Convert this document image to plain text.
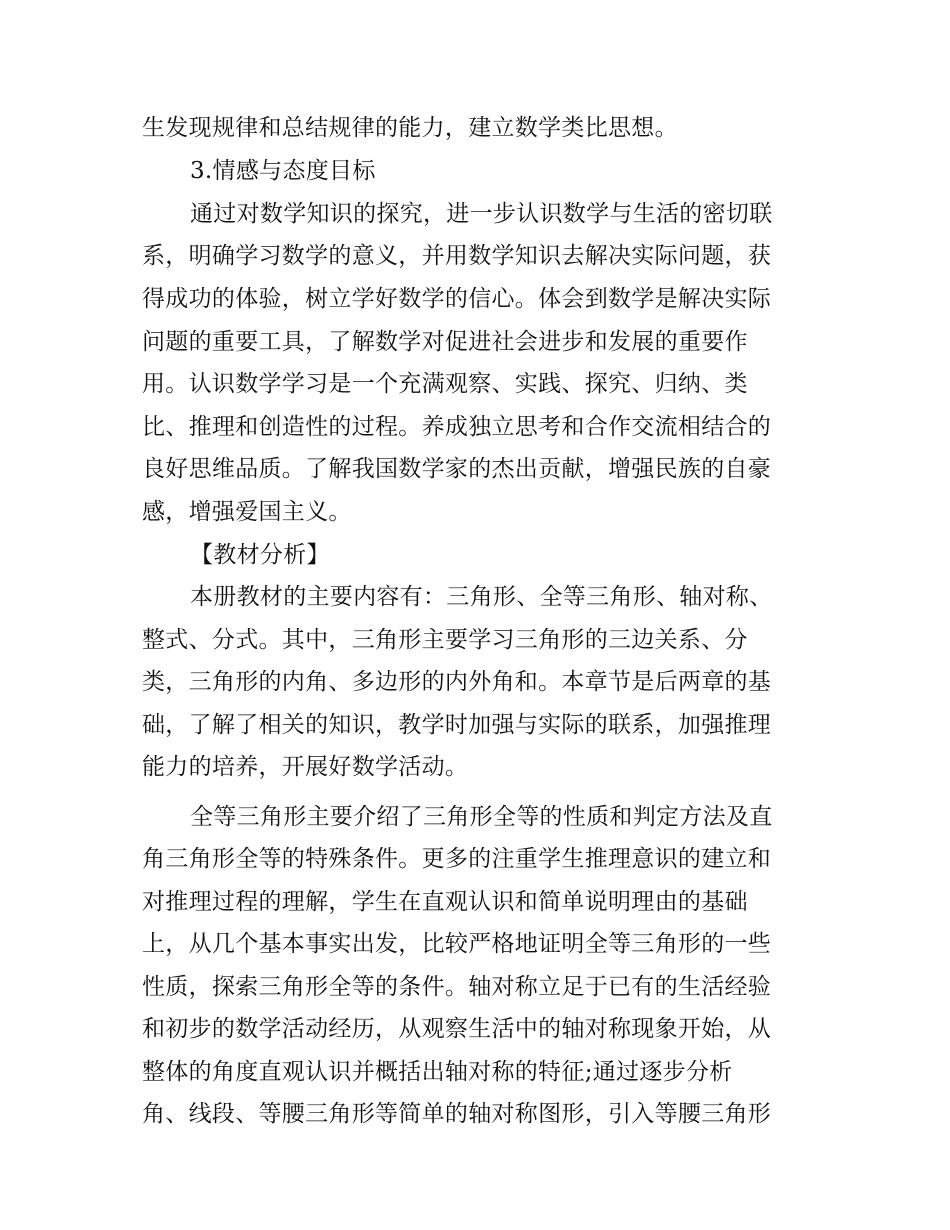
生发现规律和总结规律的能力，建立数学类比思想。
3.情感与态度目标
通过对数学知识的探究，进一步认识数学与生活的密切联
系，明确学习数学的意义，并用数学知识去解决实际问题，获
得成功的体验，树立学好数学的信心。体会到数学是解决实际
问题的重要工具，了解数学对促进社会进步和发展的重要作
用。认识数学学习是一个充满观察、实践、探究、归纳、类
比、推理和创造性的过程。养成独立思考和合作交流相结合的
良好思维品质。了解我国数学家的杰出贡献，增强民族的自豪
感，增强爱国主义。
【教材分析】
本册教材的主要内容有：三角形、全等三角形、轴对称、
整式、分式。其中，三角形主要学习三角形的三边关系、分
类，三角形的内角、多边形的内外角和。本章节是后两章的基
础，了解了相关的知识，教学时加强与实际的联系，加强推理
能力的培养，开展好数学活动。
全等三角形主要介绍了三角形全等的性质和判定方法及直
角三角形全等的特殊条件。更多的注重学生推理意识的建立和
对推理过程的理解，学生在直观认识和简单说明理由的基础
上，从几个基本事实出发，比较严格地证明全等三角形的一些
性质，探索三角形全等的条件。轴对称立足于已有的生活经验
和初步的数学活动经历，从观察生活中的轴对称现象开始，从
整体的角度直观认识并概括出轴对称的特征;通过逐步分析
角、线段、等腰三角形等简单的轴对称图形，引入等腰三角形
